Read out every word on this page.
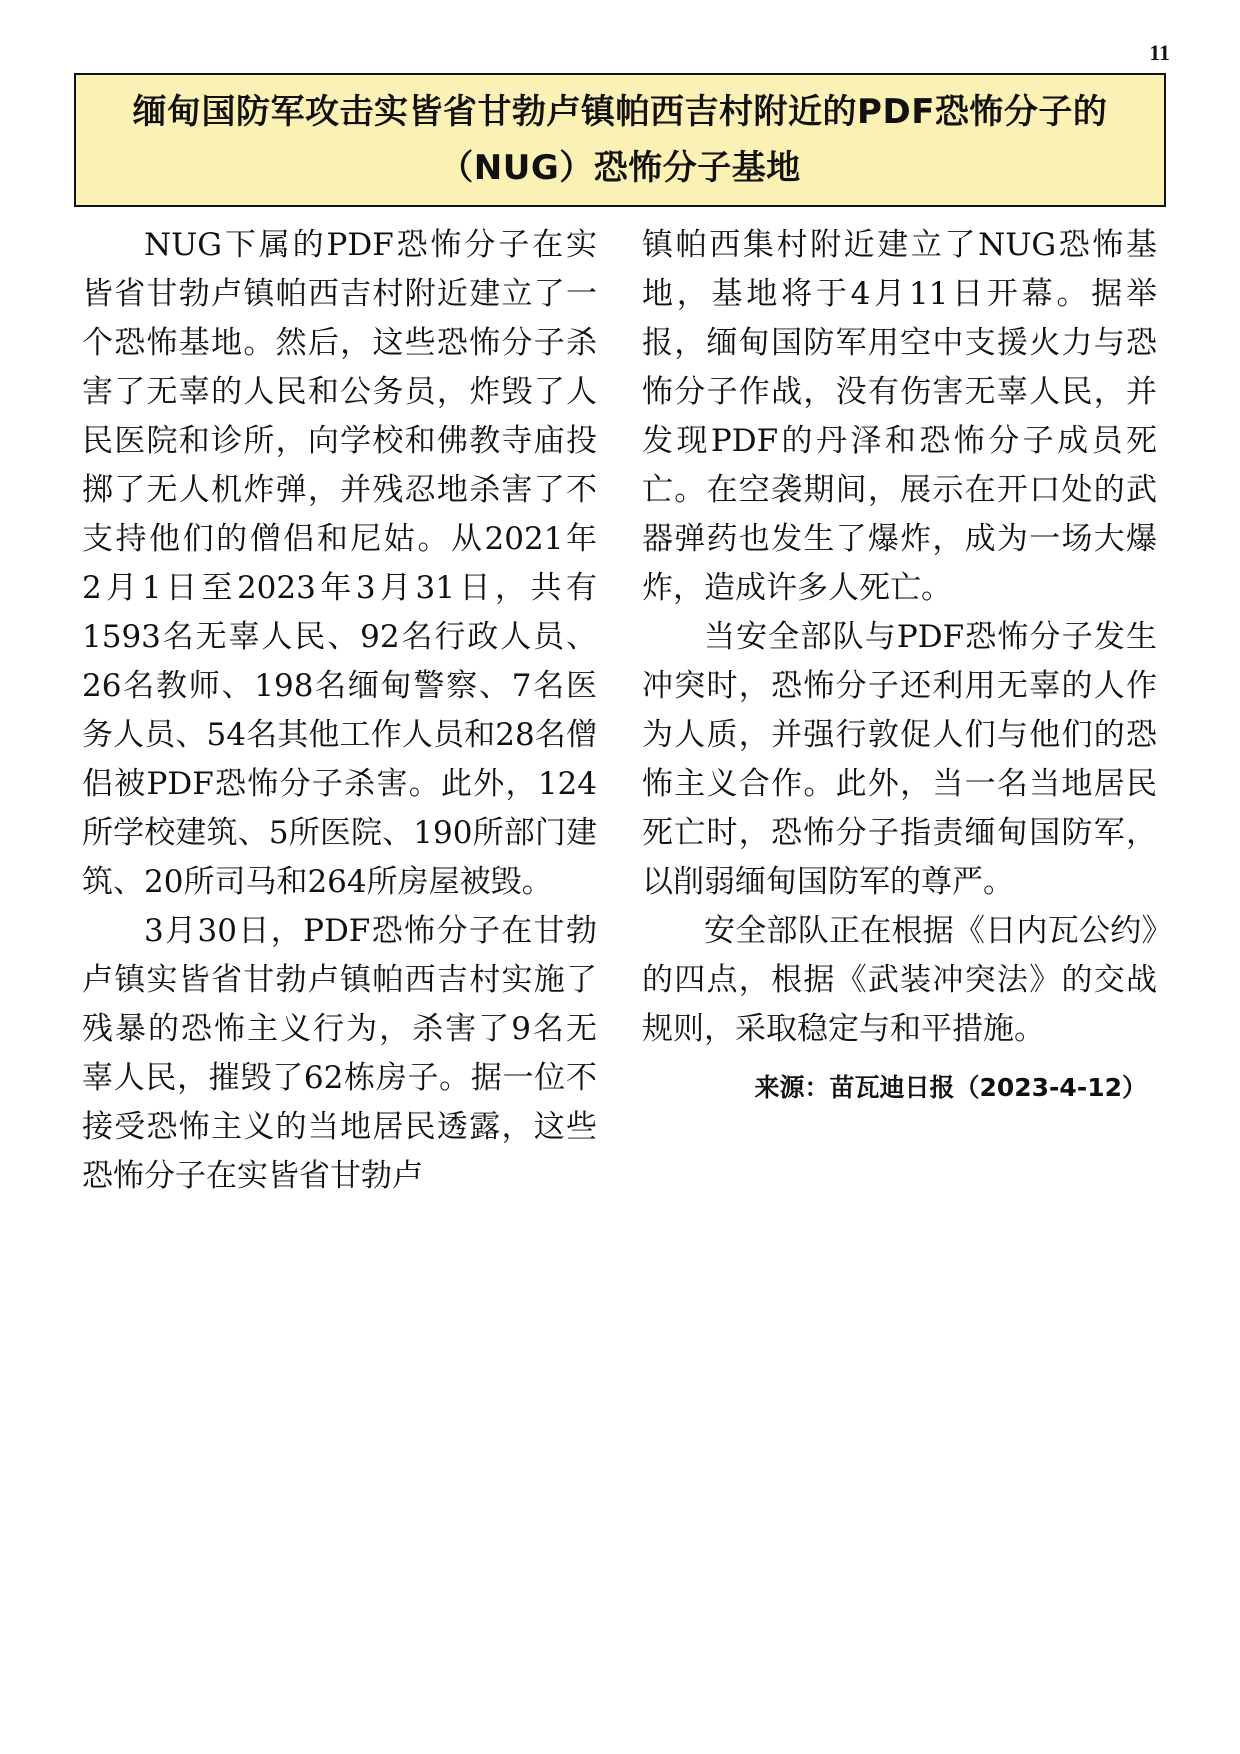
11
缅甸国防军攻击实皆省甘勃卢镇帕西吉村附近的PDF恐怖分子的
（NUG）恐怖分子基地

NUG下属的PDF恐怖分子在实皆省甘勃卢镇帕西吉村附近建立了一个恐怖基地。然后，这些恐怖分子杀害了无辜的人民和公务员，炸毁了人民医院和诊所，向学校和佛教寺庙投掷了无人机炸弹，并残忍地杀害了不支持他们的僧侣和尼姑。从2021年　2月1日至2023年3月31日，共有1593名无辜人民、92名行政人员、26名教师、198名缅甸警察、7名医务人员、54名其他工作人员和28名僧侣被PDF恐怖分子杀害。此外，124所学校建筑、5所医院、190所部门建筑、20所司马和264所房屋被毁。

3月30日，PDF恐怖分子在甘勃卢镇实皆省甘勃卢镇帕西吉村实施了残暴的恐怖主义行为，杀害了9名无辜人民，摧毁了62栋房子。据一位不接受恐怖主义的当地居民透露，这些恐怖分子在实皆省甘勃卢

镇帕西集村附近建立了NUG恐怖基地，基地将于4月11日开幕。据举报，缅甸国防军用空中支援火力与恐怖分子作战，没有伤害无辜人民，并发现PDF的丹泽和恐怖分子成员死亡。在空袭期间，展示在开口处的武器弹药也发生了爆炸，成为一场大爆炸，造成许多人死亡。

当安全部队与PDF恐怖分子发生冲突时，恐怖分子还利用无辜的人作为人质，并强行敦促人们与他们的恐怖主义合作。此外，当一名当地居民死亡时，恐怖分子指责缅甸国防军，以削弱缅甸国防军的尊严。

安全部队正在根据《日内瓦公约》的四点，根据《武装冲突法》的交战规则，采取稳定与和平措施。

来源：苗瓦迪日报（2023-4-12）
